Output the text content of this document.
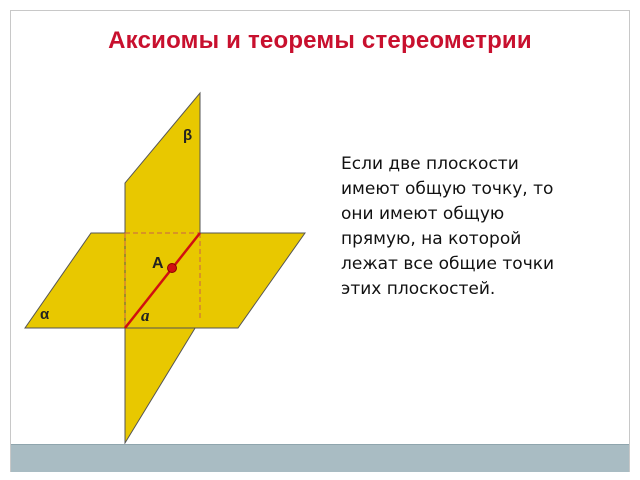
Аксиомы и теоремы стереометрии
β
A
α	a
Если две плоскости
имеют общую точку, то
они имеют общую
прямую, на которой
лежат все общие точки
этих плоскостей.
